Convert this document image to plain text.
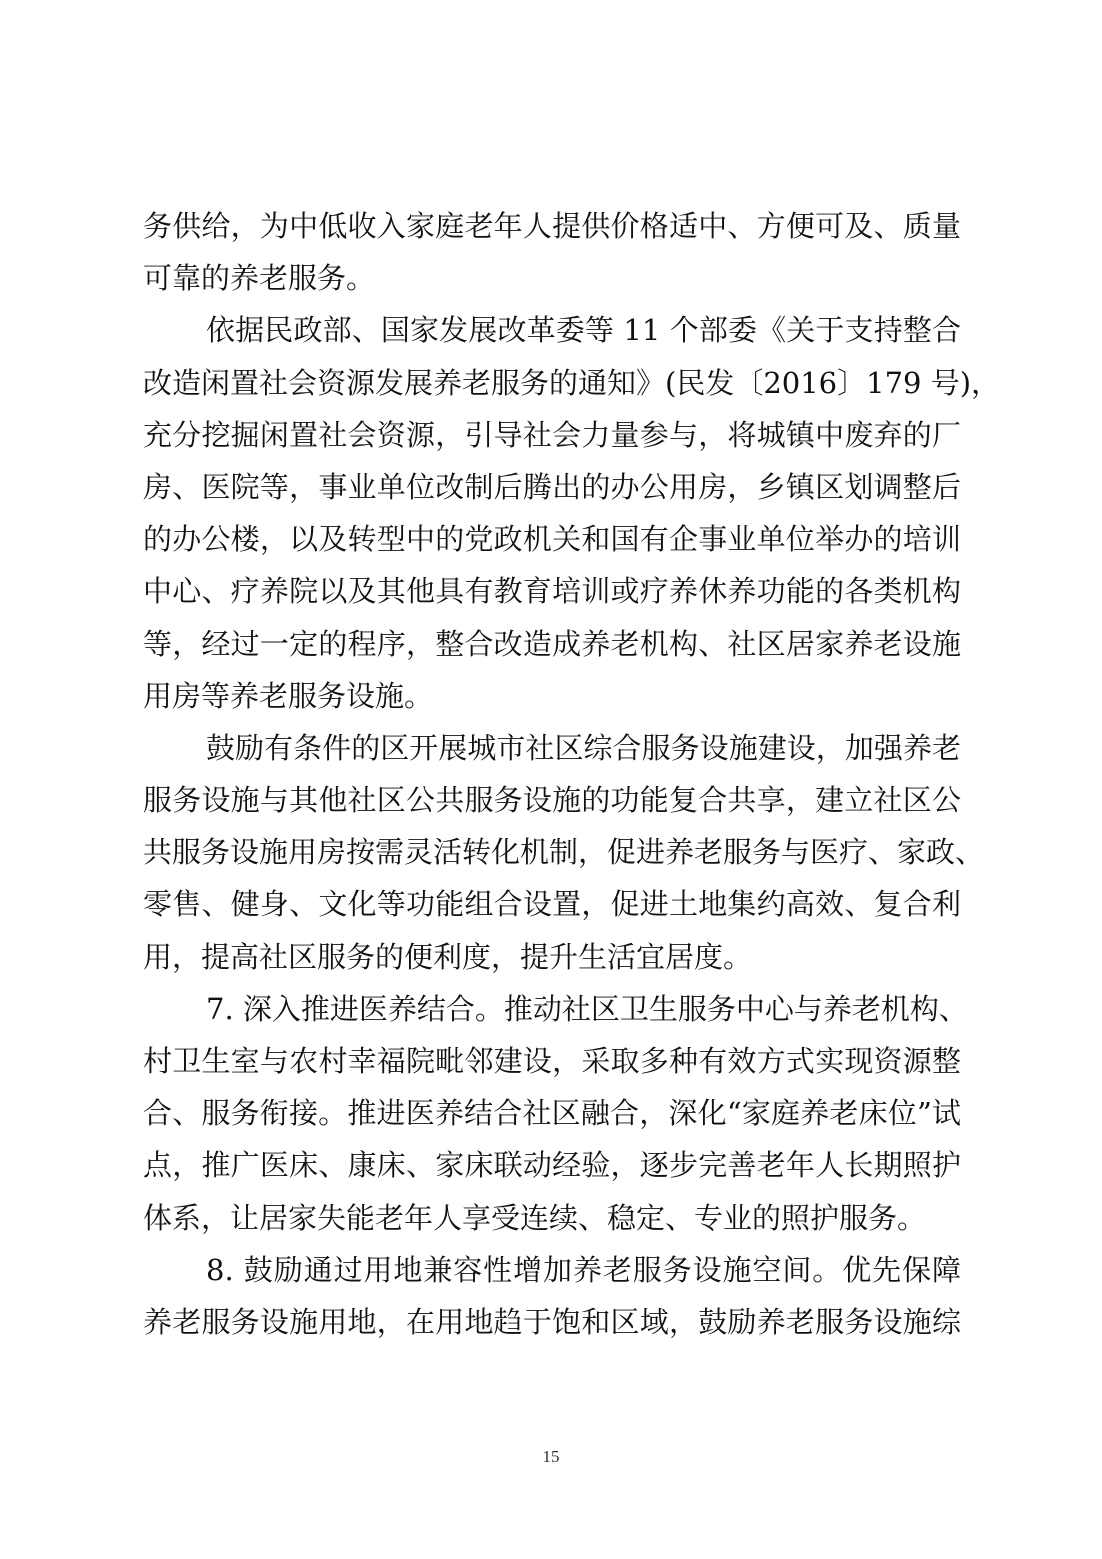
务供给，为中低收入家庭老年人提供价格适中、方便可及、质量
可靠的养老服务。
依据民政部、国家发展改革委等 11 个部委《关于支持整合
改造闲置社会资源发展养老服务的通知》(民发〔2016〕179 号)，
充分挖掘闲置社会资源，引导社会力量参与，将城镇中废弃的厂
房、医院等，事业单位改制后腾出的办公用房，乡镇区划调整后
的办公楼，以及转型中的党政机关和国有企事业单位举办的培训
中心、疗养院以及其他具有教育培训或疗养休养功能的各类机构
等，经过一定的程序，整合改造成养老机构、社区居家养老设施
用房等养老服务设施。
鼓励有条件的区开展城市社区综合服务设施建设，加强养老
服务设施与其他社区公共服务设施的功能复合共享，建立社区公
共服务设施用房按需灵活转化机制，促进养老服务与医疗、家政、
零售、健身、文化等功能组合设置，促进土地集约高效、复合利
用，提高社区服务的便利度，提升生活宜居度。
7. 深入推进医养结合。推动社区卫生服务中心与养老机构、
村卫生室与农村幸福院毗邻建设，采取多种有效方式实现资源整
合、服务衔接。推进医养结合社区融合，深化“家庭养老床位”试
点，推广医床、康床、家床联动经验，逐步完善老年人长期照护
体系，让居家失能老年人享受连续、稳定、专业的照护服务。
8. 鼓励通过用地兼容性增加养老服务设施空间。优先保障
养老服务设施用地，在用地趋于饱和区域，鼓励养老服务设施综
15
